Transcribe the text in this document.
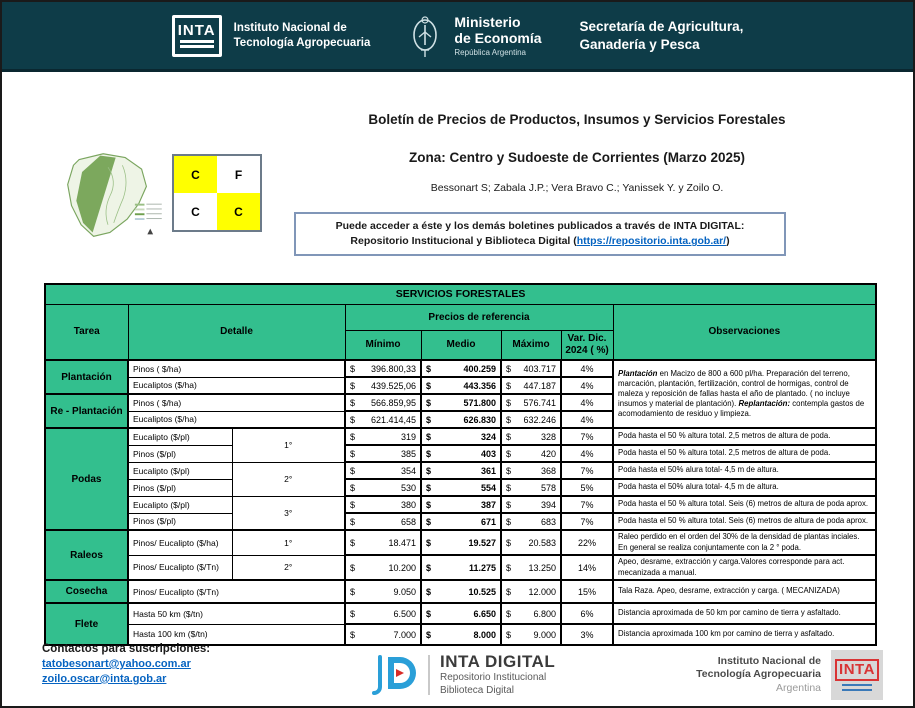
INTA Instituto Nacional de
Tecnología Agropecuaria
Ministerio
de Economía
República Argentina
Secretaría de Agricultura,
Ganadería y Pesca
Boletín de Precios de Productos, Insumos y Servicios Forestales
Zona: Centro y Sudoeste de Corrientes (Marzo 2025)
Bessonart S; Zabala J.P.; Vera Bravo C.; Yanissek Y. y Zoilo O.
C	F
C	C
Puede acceder a éste y los demás boletines publicados a través de INTA DIGITAL: Repositorio Institucional y Biblioteca Digital (https://repositorio.inta.gob.ar/)
SERVICIOS FORESTALES							
Tarea	Detalle		Precios de referencia				Observaciones
			Mínimo	Medio	Máximo	Var. Dic.
2024 ( %)	

Plantación	Pinos ( $/ha)		$ 396.800,33	$ 400.259	$ 403.717	4%	Plantación en Macizo de 800 a 600 pl/ha. Preparación del terreno, marcación, plantación, fertilización, control de hormigas, control de maleza y reposición de fallas hasta el año de plantado. ( no incluye insumos y material de plantación). Replantación: contempla gastos de acomodamiento de residuo y limpieza.
	Eucaliptos ($/ha)		$ 439.525,06	$ 443.356	$ 447.187	4%	
Re - Plantación	Pinos ( $/ha)		$ 566.859,95	$ 571.800	$ 576.741	4%	
	Eucaliptos ($/ha)		$ 621.414,45	$ 626.830	$ 632.246	4%	
Podas	Eucalipto ($/pl)	1°	$ 319	$ 324	$ 328	7%	Poda hasta el 50 % altura total. 2,5 metros de altura de poda.
	Pinos ($/pl)		$ 385	$ 403	$ 420	4%	Poda hasta el 50 % altura total. 2,5 metros de altura de poda.
	Eucalipto ($/pl)	2°	$ 354	$ 361	$ 368	7%	Poda hasta el 50% alura total- 4,5 m de altura.
	Pinos ($/pl)		$ 530	$ 554	$ 578	5%	Poda hasta el 50% alura total- 4,5 m de altura.
	Eucalipto ($/pl)	3°	$ 380	$ 387	$ 394	7%	Poda hasta el 50 % altura total. Seis (6) metros de altura de poda aprox.
	Pinos ($/pl)		$ 658	$ 671	$ 683	7%	Poda hasta el 50 % altura total. Seis (6) metros de altura de poda aprox.
Raleos	Pinos/ Eucalipto ($/ha)	1°	$ 18.471	$ 19.527	$ 20.583	22%	Raleo perdido en el orden del 30% de la densidad de plantas inciales. En general se realiza conjuntamente con la 2 ° poda.
	Pinos/ Eucalipto ($/Tn)	2°	$ 10.200	$ 11.275	$ 13.250	14%	Apeo, desrame, extracción y carga.Valores corresponde para act. mecanizada a manual.
Cosecha	Pinos/ Eucalipto ($/Tn)		$ 9.050	$ 10.525	$ 12.000	15%	Tala Raza. Apeo, desrame, extracción y carga. ( MECANIZADA)
Flete	Hasta 50 km ($/tn)		$ 6.500	$ 6.650	$ 6.800	6%	Distancia aproximada de 50 km por camino de tierra y asfaltado.
	Hasta 100 km ($/tn)		$ 7.000	$ 8.000	$ 9.000	3%	Distancia aproximada 100 km por camino de tierra y asfaltado.
Contactos para suscripciones:
tatobesonart@yahoo.com.ar
zoilo.oscar@inta.gob.ar
INTA DIGITAL
Repositorio Institucional
Biblioteca Digital
Instituto Nacional de
Tecnología Agropecuaria
Argentina
INTA
